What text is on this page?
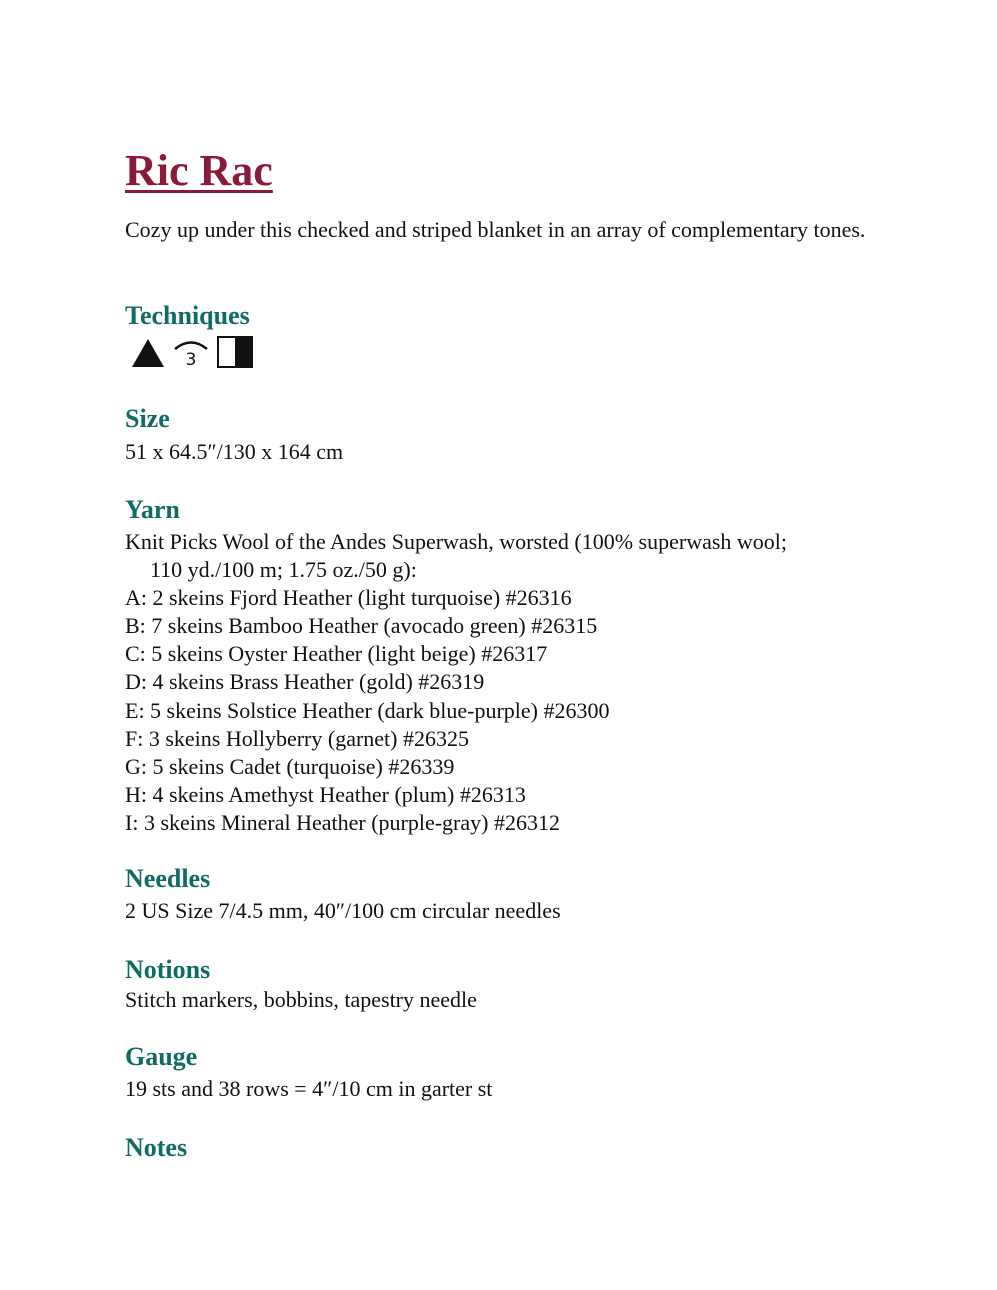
Ric Rac

Cozy up under this checked and striped blanket in an array of complementary tones.

Techniques
3
Size

51 x 64.5″/130 x 164 cm

Yarn
Knit Picks Wool of the Andes Superwash, worsted (100% superwash wool;
110 yd./100 m; 1.75 oz./50 g):
A: 2 skeins Fjord Heather (light turquoise) #26316
B: 7 skeins Bamboo Heather (avocado green) #26315
C: 5 skeins Oyster Heather (light beige) #26317
D: 4 skeins Brass Heather (gold) #26319
E: 5 skeins Solstice Heather (dark blue-purple) #26300
F: 3 skeins Hollyberry (garnet) #26325
G: 5 skeins Cadet (turquoise) #26339
H: 4 skeins Amethyst Heather (plum) #26313
I: 3 skeins Mineral Heather (purple-gray) #26312
Needles

2 US Size 7/4.5 mm, 40″/100 cm circular needles

Notions

Stitch markers, bobbins, tapestry needle

Gauge

19 sts and 38 rows = 4″/10 cm in garter st

Notes
